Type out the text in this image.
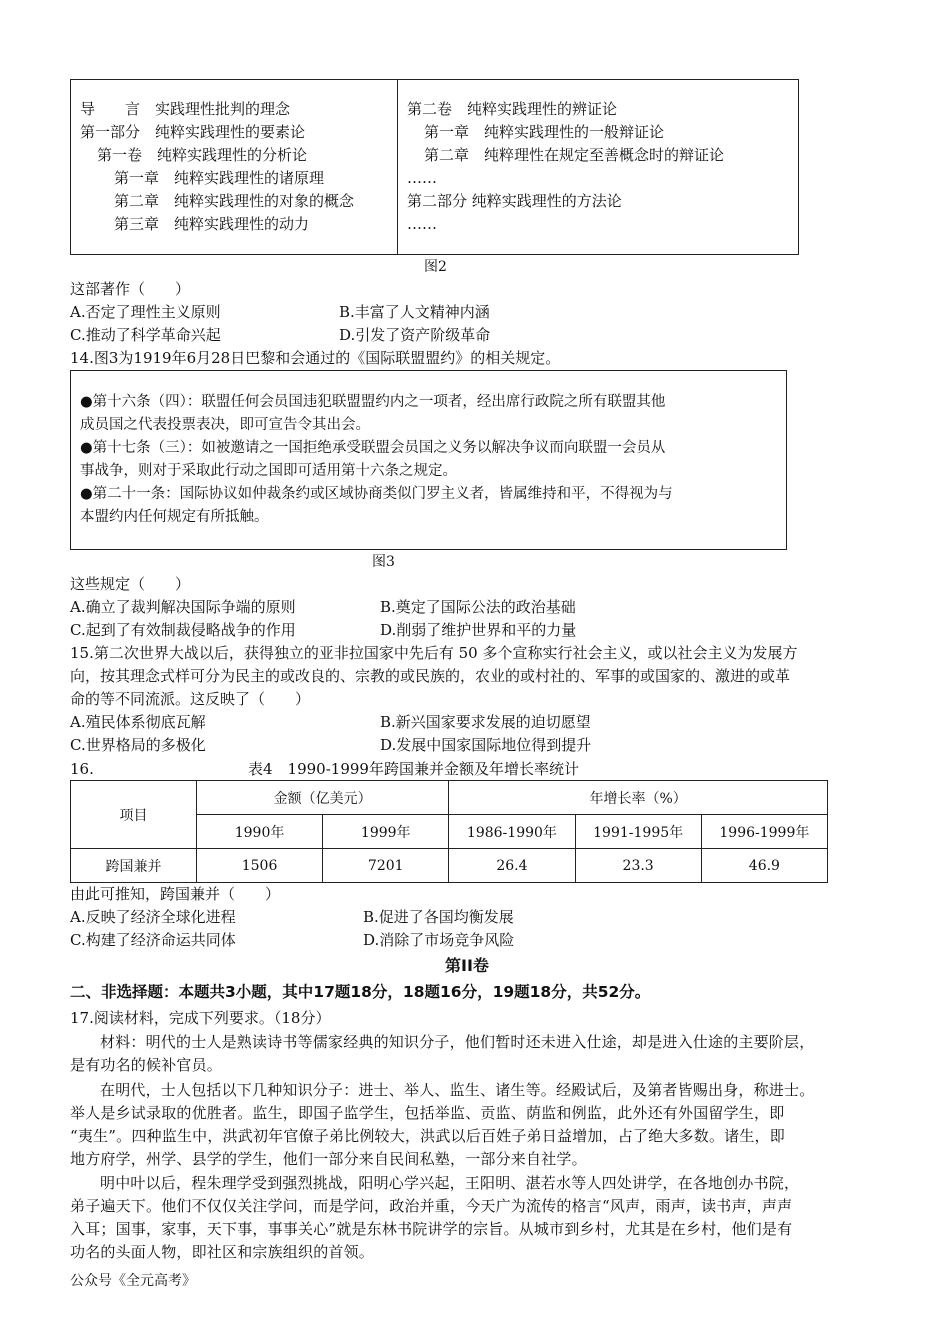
导　　言　实践理性批判的理念
第一部分　纯粹实践理性的要素论
第一卷　纯粹实践理性的分析论
第一章　纯粹实践理性的诸原理
第二章　纯粹实践理性的对象的概念
第三章　纯粹实践理性的动力
第二卷　纯粹实践理性的辨证论
第一章　纯粹实践理性的一般辩证论
第二章　纯粹理性在规定至善概念时的辩证论
……
第二部分 纯粹实践理性的方法论
……
图2
这部著作（　　）
A.否定了理性主义原则	B.丰富了人文精神内涵
C.推动了科学革命兴起	D.引发了资产阶级革命
14.图3为1919年6月28日巴黎和会通过的《国际联盟盟约》的相关规定。
●第十六条（四）：联盟任何会员国违犯联盟盟约内之一项者，经出席行政院之所有联盟其他
成员国之代表投票表决，即可宣告令其出会。
●第十七条（三）：如被邀请之一国拒绝承受联盟会员国之义务以解决争议而向联盟一会员从
事战争，则对于采取此行动之国即可适用第十六条之规定。
●第二十一条：国际协议如仲裁条约或区域协商类似门罗主义者，皆属维持和平，不得视为与
本盟约内任何规定有所抵触。
图3
这些规定（　　）
A.确立了裁判解决国际争端的原则	B.奠定了国际公法的政治基础
C.起到了有效制裁侵略战争的作用	D.削弱了维护世界和平的力量
15.第二次世界大战以后，获得独立的亚非拉国家中先后有 50 多个宣称实行社会主义，或以社会主义为发展方
向，按其理念式样可分为民主的或改良的、宗教的或民族的，农业的或村社的、军事的或国家的、激进的或革
命的等不同流派。这反映了（　　）
A.殖民体系彻底瓦解	B.新兴国家要求发展的迫切愿望
C.世界格局的多极化	D.发展中国家国际地位得到提升
16.	表4　1990-1999年跨国兼并金额及年增长率统计
项目	金额（亿美元）		年增长率（%）		
	1990年	1999年	1986-1990年	1991-1995年	1996-1999年
跨国兼并	1506	7201	26.4	23.3	46.9
由此可推知，跨国兼并（　　）
A.反映了经济全球化进程	B.促进了各国均衡发展
C.构建了经济命运共同体	D.消除了市场竞争风险
第II卷
二、非选择题：本题共3小题，其中17题18分，18题16分，19题18分，共52分。
17.阅读材料，完成下列要求。（18分）
材料：明代的士人是熟读诗书等儒家经典的知识分子，他们暂时还未进入仕途，却是进入仕途的主要阶层，
是有功名的候补官员。
在明代，士人包括以下几种知识分子：进士、举人、监生、诸生等。经殿试后，及第者皆赐出身，称进士。
举人是乡试录取的优胜者。监生，即国子监学生，包括举监、贡监、荫监和例监，此外还有外国留学生，即
“夷生”。四种监生中，洪武初年官僚子弟比例较大，洪武以后百姓子弟日益增加，占了绝大多数。诸生，即
地方府学，州学、县学的学生，他们一部分来自民间私塾，一部分来自社学。
明中叶以后，程朱理学受到强烈挑战，阳明心学兴起，王阳明、湛若水等人四处讲学，在各地创办书院，
弟子遍天下。他们不仅仅关注学问，而是学问，政治并重，今天广为流传的格言“风声，雨声，读书声，声声
入耳；国事，家事，天下事，事事关心”就是东林书院讲学的宗旨。从城市到乡村，尤其是在乡村，他们是有
功名的头面人物，即社区和宗族组织的首领。
公众号《全元高考》
